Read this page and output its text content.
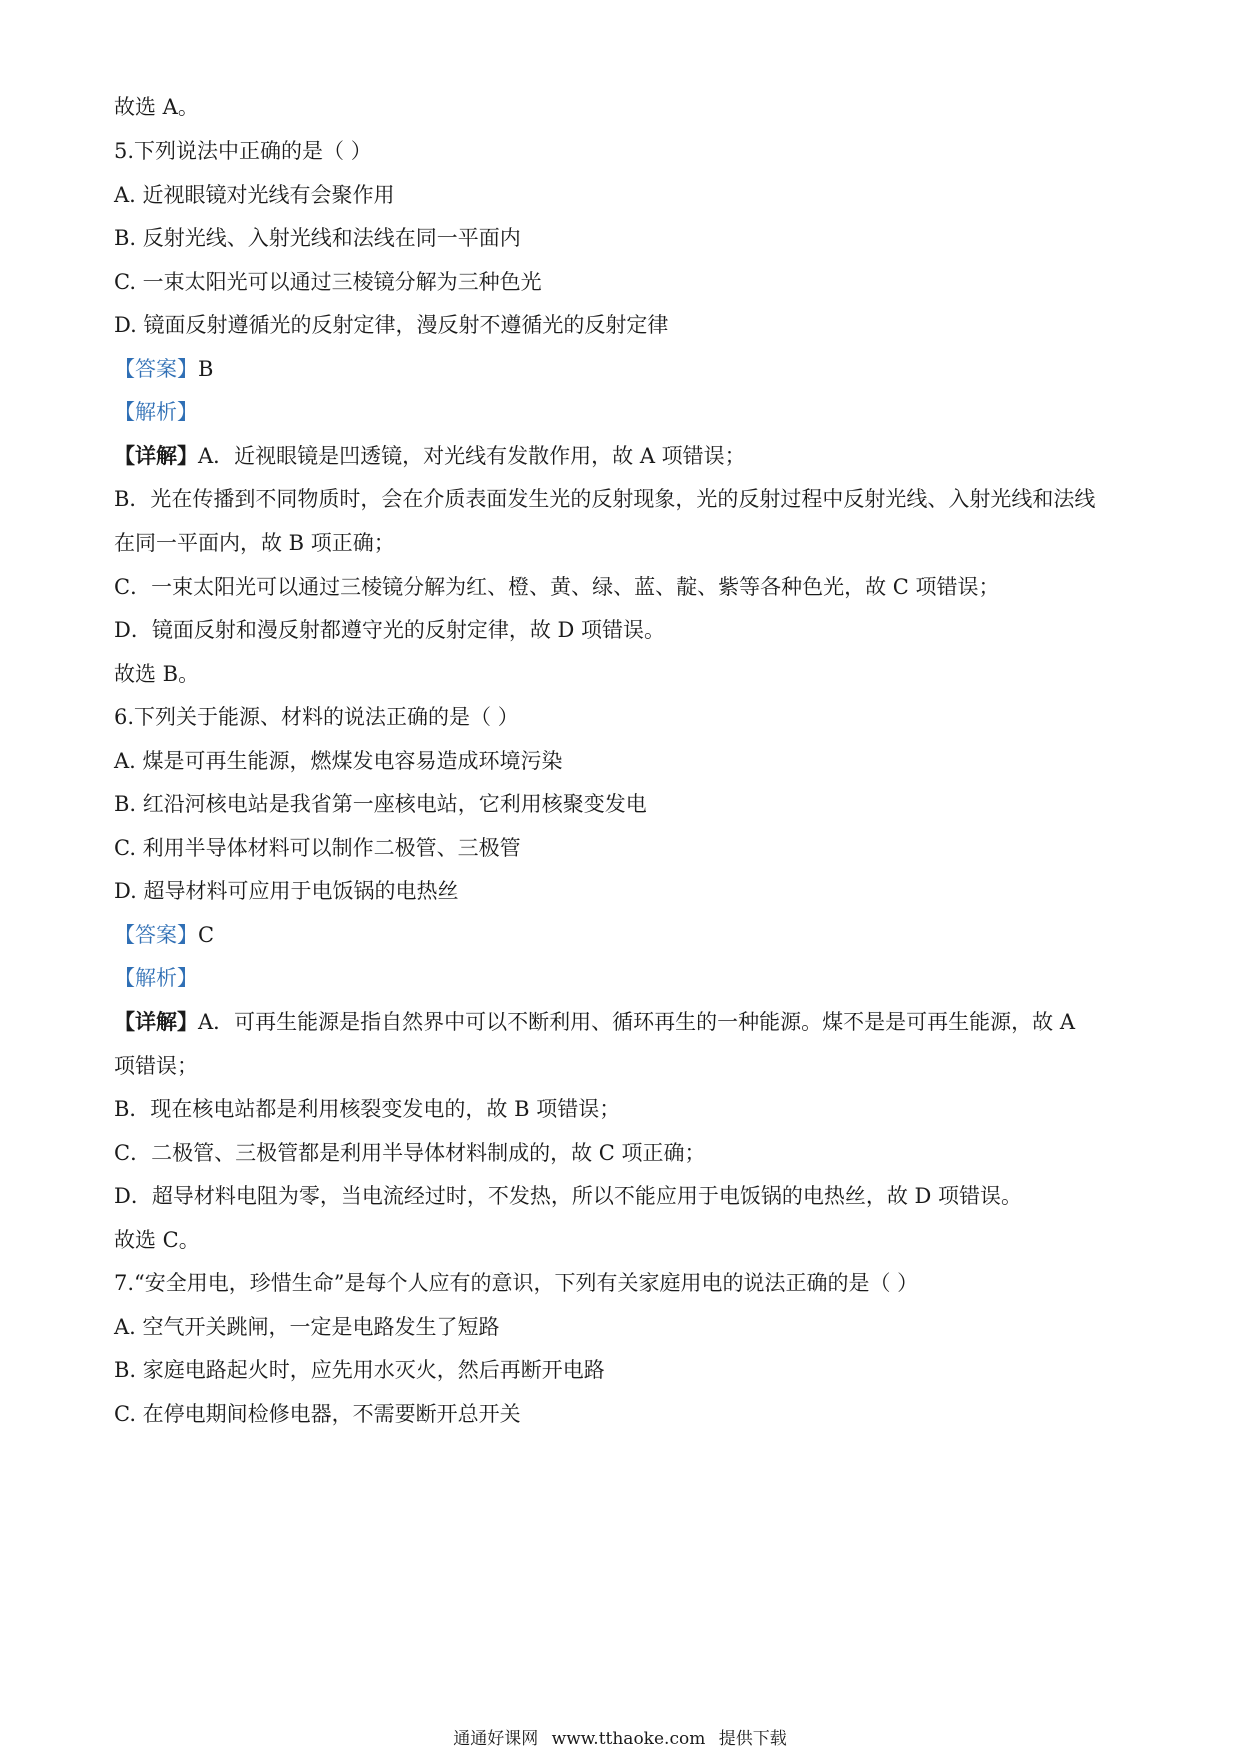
故选 A。
5.下列说法中正确的是（ ）
A. 近视眼镜对光线有会聚作用
B. 反射光线、入射光线和法线在同一平面内
C. 一束太阳光可以通过三棱镜分解为三种色光
D. 镜面反射遵循光的反射定律，漫反射不遵循光的反射定律
【答案】B
【解析】
【详解】A．近视眼镜是凹透镜，对光线有发散作用，故 A 项错误；
B．光在传播到不同物质时，会在介质表面发生光的反射现象，光的反射过程中反射光线、入射光线和法线
在同一平面内，故 B 项正确；
C．一束太阳光可以通过三棱镜分解为红、橙、黄、绿、蓝、靛、紫等各种色光，故 C 项错误；
D．镜面反射和漫反射都遵守光的反射定律，故 D 项错误。
故选 B。
6.下列关于能源、材料的说法正确的是（ ）
A. 煤是可再生能源，燃煤发电容易造成环境污染
B. 红沿河核电站是我省第一座核电站，它利用核聚变发电
C. 利用半导体材料可以制作二极管、三极管
D. 超导材料可应用于电饭锅的电热丝
【答案】C
【解析】
【详解】A．可再生能源是指自然界中可以不断利用、循环再生的一种能源。煤不是是可再生能源，故 A
项错误；
B．现在核电站都是利用核裂变发电的，故 B 项错误；
C．二极管、三极管都是利用半导体材料制成的，故 C 项正确；
D．超导材料电阻为零，当电流经过时，不发热，所以不能应用于电饭锅的电热丝，故 D 项错误。
故选 C。
7.“安全用电，珍惜生命”是每个人应有的意识，下列有关家庭用电的说法正确的是（ ）
A. 空气开关跳闸，一定是电路发生了短路
B. 家庭电路起火时，应先用水灭火，然后再断开电路
C. 在停电期间检修电器，不需要断开总开关
通通好课网 www.tthaoke.com 提供下载
